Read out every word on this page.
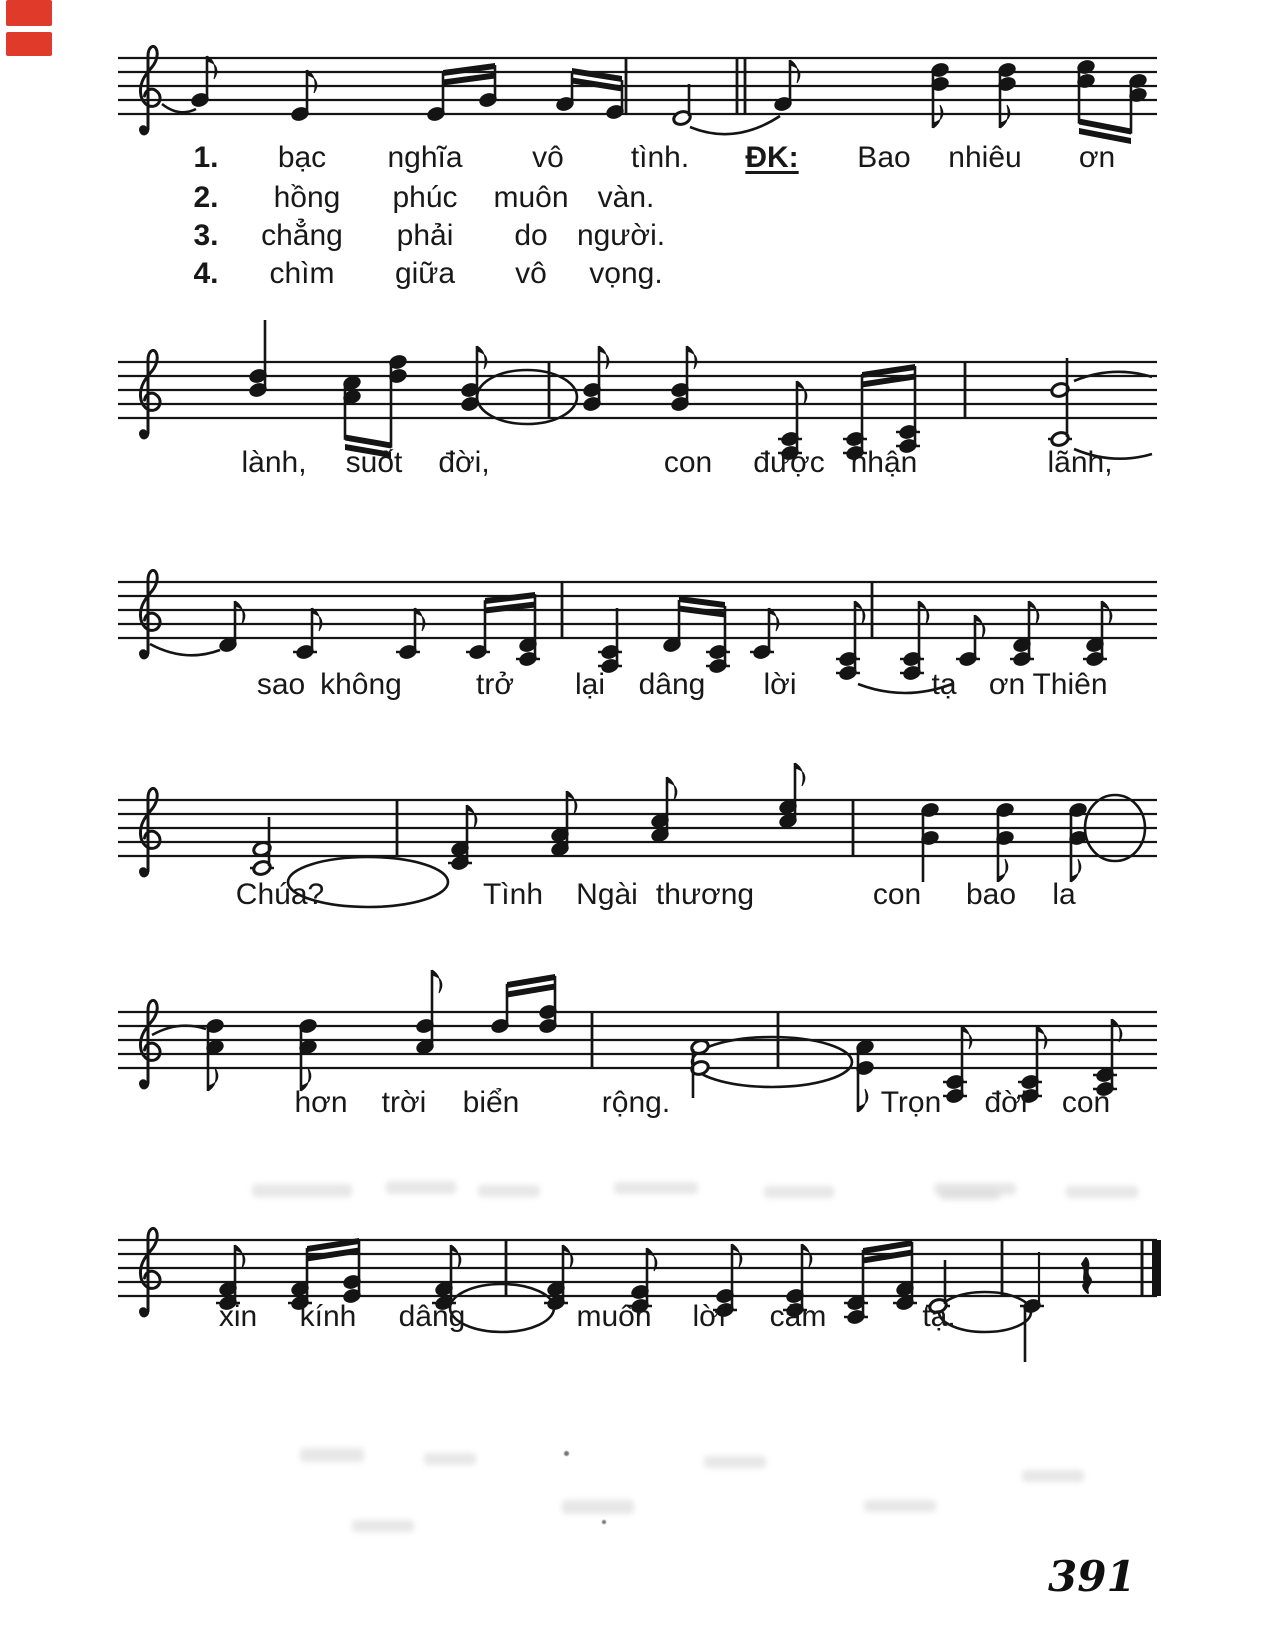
391
1. bạc nghĩa vô tình. ĐK: Bao nhiêu ơn
2. hồng phúc muôn vàn.
3. chẳng phải do người.
4. chìm giữa vô vọng.
lành, suốt đời,	con được nhận	lãnh,
sao không trở lại dâng lời	tạ ơn Thiên
Chúa?	Tình Ngài thương	con bao la
hơn trời biển	rộng.	Trọn đời con
xin kính dâng	muôn lời cảm	tạ.
